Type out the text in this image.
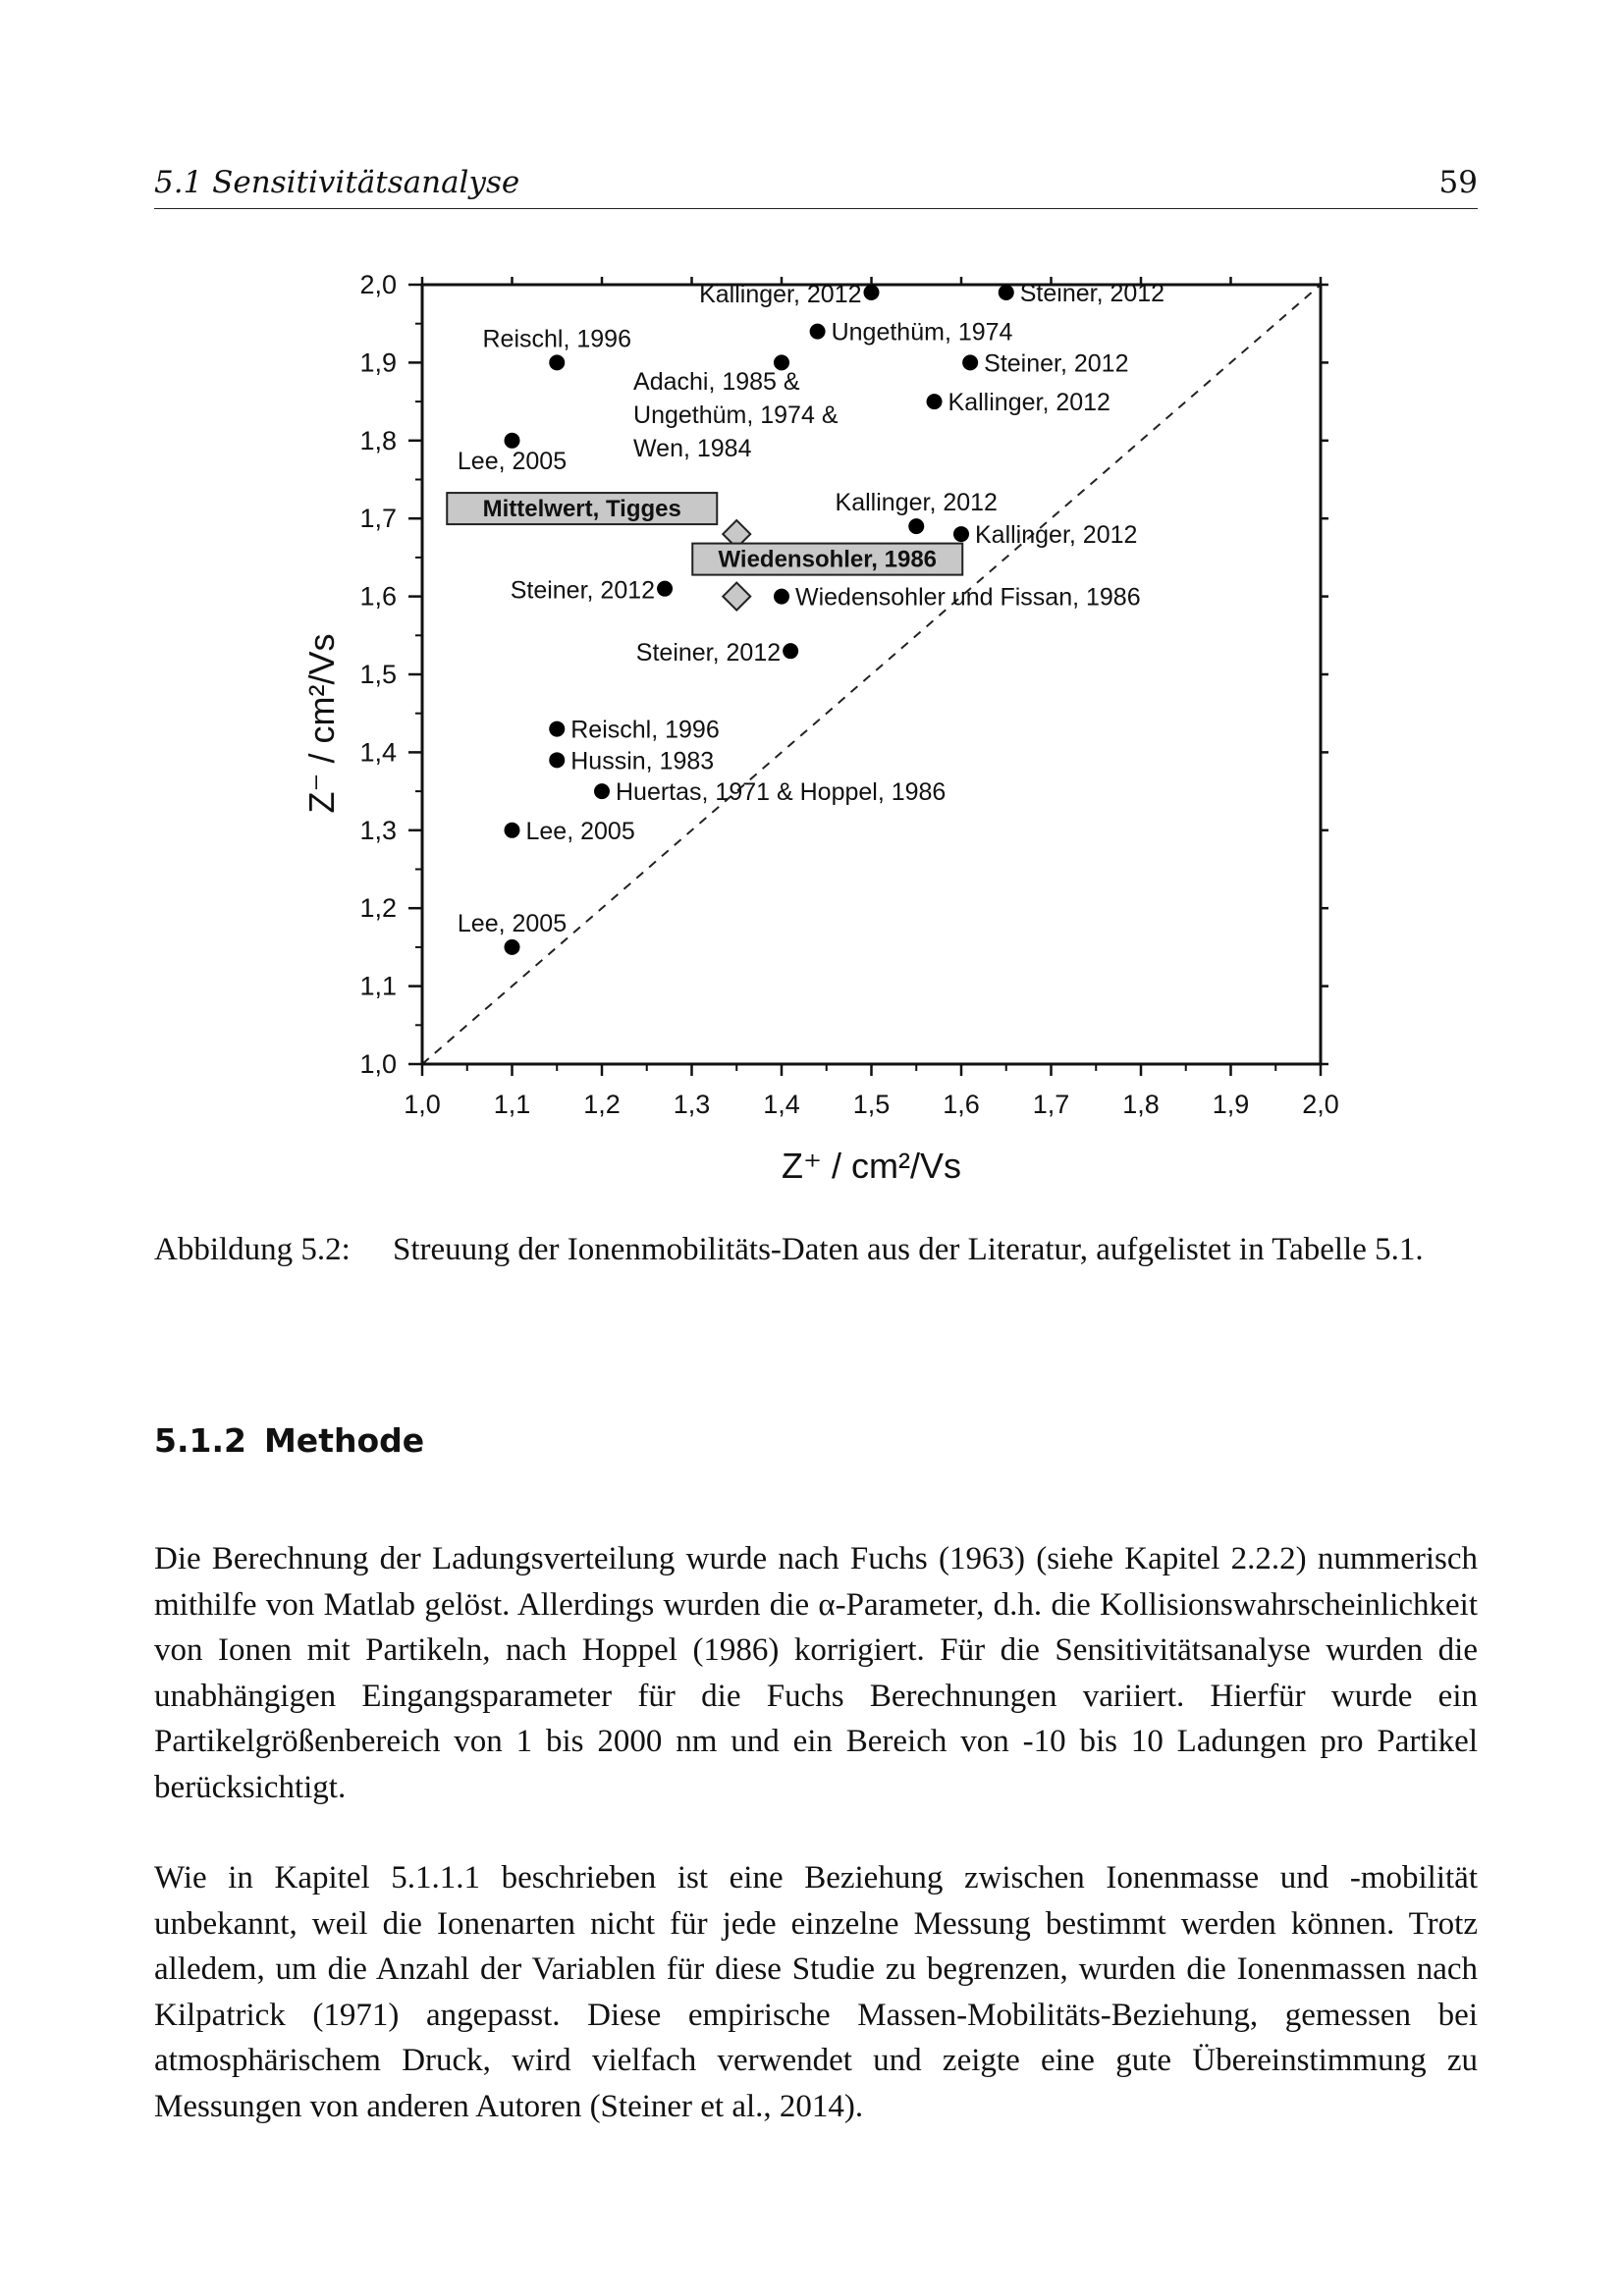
5.1 Sensitivitätsanalyse	59
1,0 1,1 1,2 1,3 1,4 1,5 1,6 1,7 1,8 1,9 2,0
1,0
1,1
1,2
1,3
1,4
1,5
1,6
1,7
1,8
1,9
2,0
Z⁺ / cm²/Vs
Z⁻ / cm²/Vs
Kallinger, 2012	Steiner, 2012
Ungethüm, 1974
Steiner, 2012
Reischl, 1996
Kallinger, 2012
Lee, 2005
Kallinger, 2012
Kallinger, 2012
Steiner, 2012	Wiedensohler und Fissan, 1986
Steiner, 2012
Reischl, 1996
Hussin, 1983
Huertas, 1971 & Hoppel, 1986
Lee, 2005
Lee, 2005
Mittelwert, Tigges
Wiedensohler, 1986
Adachi, 1985 & Ungethüm, 1974 & Wen, 1984
Abbildung 5.2: Streuung der Ionenmobilitäts-Daten aus der Literatur, aufgelistet in Tabelle 5.1.
5.1.2 Methode

Die Berechnung der Ladungsverteilung wurde nach Fuchs (1963) (siehe Kapitel 2.2.2) nummerisch mithilfe von Matlab gelöst. Allerdings wurden die α-Parameter, d.h. die Kollisionswahrscheinlichkeit von Ionen mit Partikeln, nach Hoppel (1986) korrigiert. Für die Sensitivitätsanalyse wurden die unabhängigen Eingangsparameter für die Fuchs Berechnungen variiert. Hierfür wurde ein Partikelgrößenbereich von 1 bis 2000 nm und ein Bereich von -10 bis 10 Ladungen pro Partikel berücksichtigt.

Wie in Kapitel 5.1.1.1 beschrieben ist eine Beziehung zwischen Ionenmasse und -mobilität unbekannt, weil die Ionenarten nicht für jede einzelne Messung bestimmt werden können. Trotz alledem, um die Anzahl der Variablen für diese Studie zu begrenzen, wurden die Ionenmassen nach Kilpatrick (1971) angepasst. Diese empirische Massen-Mobilitäts-Beziehung, gemessen bei atmosphärischem Druck, wird vielfach verwendet und zeigte eine gute Übereinstimmung zu Messungen von anderen Autoren (Steiner et al., 2014).
